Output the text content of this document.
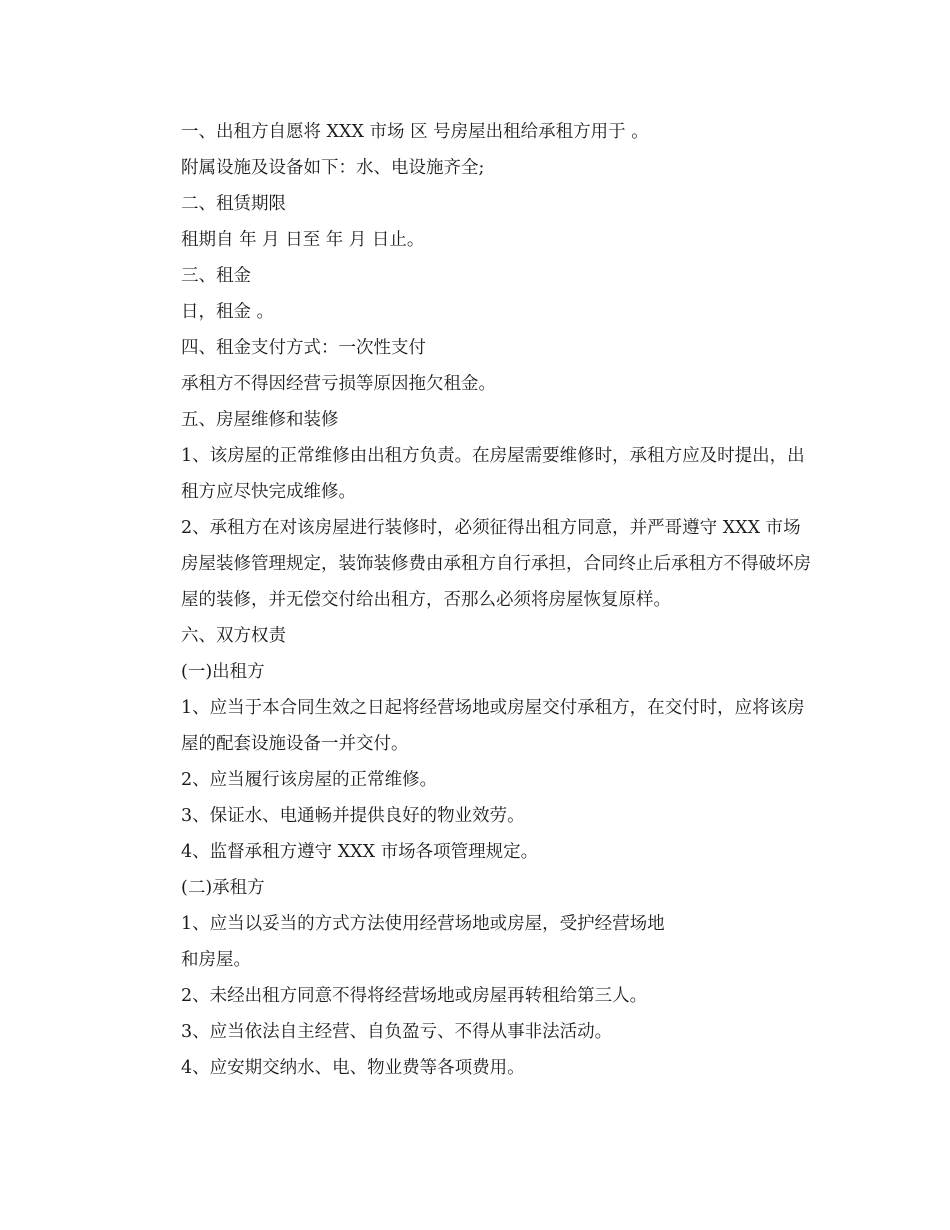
一、出租方自愿将 XXX 市场 区 号房屋出租给承租方用于 。

附属设施及设备如下：水、电设施齐全;

二、租赁期限

租期自 年 月 日至 年 月 日止。

三、租金

日，租金 。

四、租金支付方式：一次性支付

承租方不得因经营亏损等原因拖欠租金。

五、房屋维修和装修

1、该房屋的正常维修由出租方负责。在房屋需要维修时，承租方应及时提出，出租方应尽快完成维修。

2、承租方在对该房屋进行装修时，必须征得出租方同意，并严哥遵守 XXX 市场房屋装修管理规定，装饰装修费由承租方自行承担，合同终止后承租方不得破坏房屋的装修，并无偿交付给出租方，否那么必须将房屋恢复原样。

六、双方权责

(一)出租方

1、应当于本合同生效之日起将经营场地或房屋交付承租方，在交付时，应将该房屋的配套设施设备一并交付。

2、应当履行该房屋的正常维修。

3、保证水、电通畅并提供良好的物业效劳。

4、监督承租方遵守 XXX 市场各项管理规定。

(二)承租方

1、应当以妥当的方式方法使用经营场地或房屋，受护经营场地

和房屋。

2、未经出租方同意不得将经营场地或房屋再转租给第三人。

3、应当依法自主经营、自负盈亏、不得从事非法活动。

4、应安期交纳水、电、物业费等各项费用。
